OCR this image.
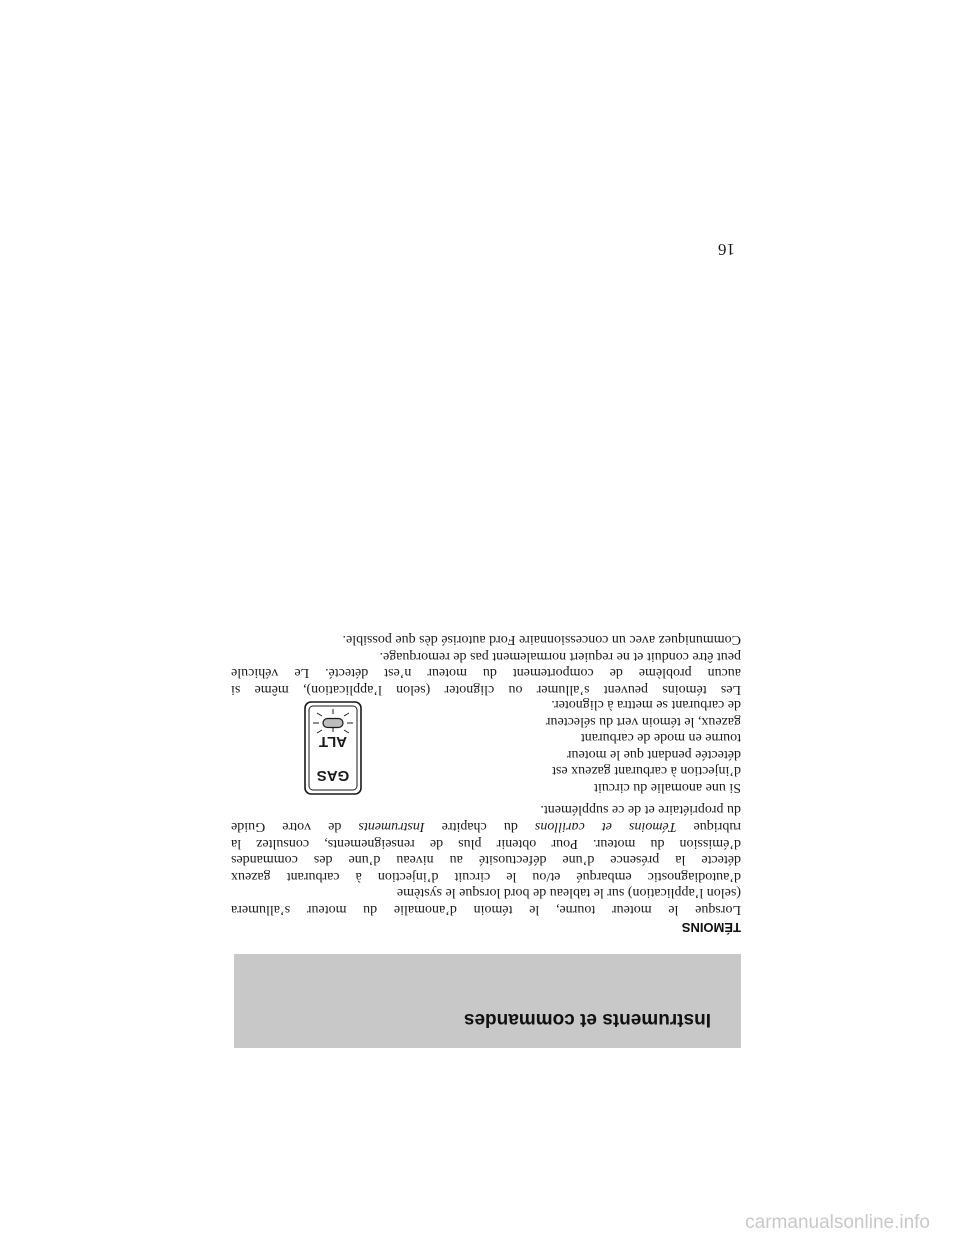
Instruments et commandes
TÉMOINS

Lorsque le moteur tourne, le témoin d’anomalie du moteur s’allumera
(selon l’application) sur le tableau de bord lorsque le système
d’autodiagnostic embarqué et/ou le circuit d’injection à carburant gazeux
détecte la présence d’une défectuosité au niveau d’une des commandes
d’émission du moteur. Pour obtenir plus de renseignements, consultez la
rubrique Témoins et carillons du chapitre Instruments de votre Guide
du propriétaire et de ce supplément.

Si une anomalie du circuit
d’injection à carburant gazeux est
détectée pendant que le moteur
tourne en mode de carburant
gazeux, le témoin vert du sélecteur
de carburant se mettra à clignoter.

GAS
ALT

Les témoins peuvent s’allumer ou clignoter (selon l’application), même si
aucun problème de comportement du moteur n’est détecté. Le véhicule
peut être conduit et ne requiert normalement pas de remorquage.
Communiquez avec un concessionnaire Ford autorisé dès que possible.

16
carmanualsonline.info
